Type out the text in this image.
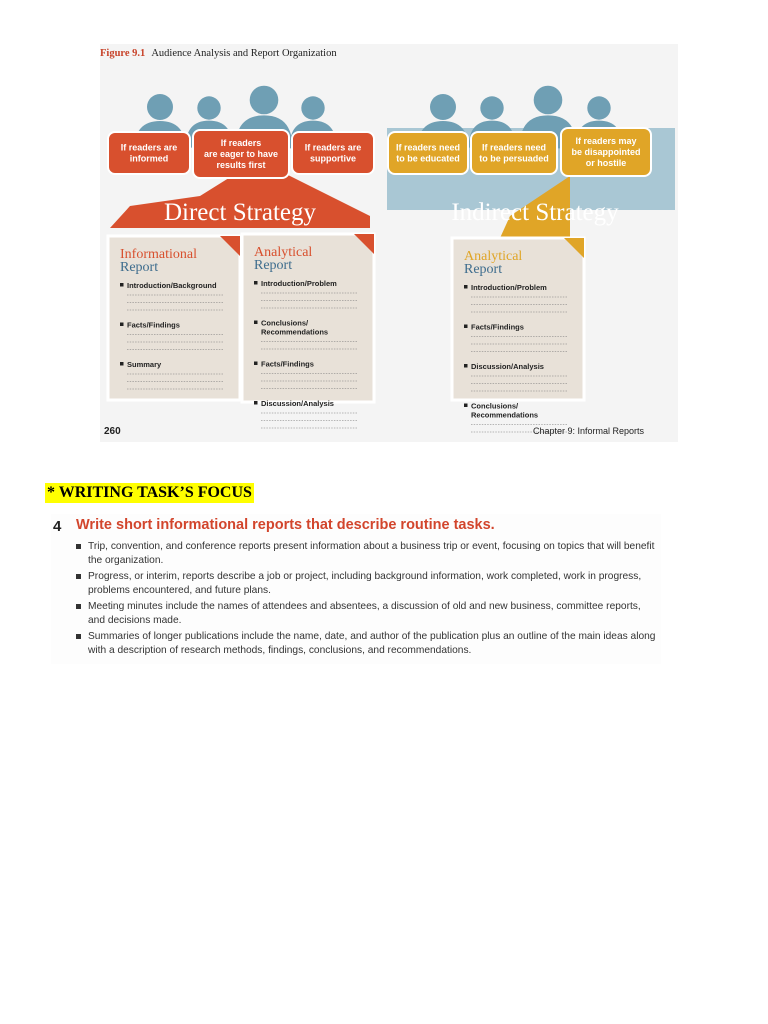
Figure 9.1 Audience Analysis and Report Organization
Direct Strategy	Indirect Strategy
If readers are
informed
If readers
are eager to have
results first
If readers are
supportive
If readers need
to be educated
If readers need
to be persuaded
If readers may
be disappointed
or hostile
Informational
Report
Introduction/Background
Facts/Findings
Summary
Analytical
Report
Introduction/Problem
Conclusions/
Recommendations
Facts/Findings
Discussion/Analysis
Analytical
Report
Introduction/Problem
Facts/Findings
Discussion/Analysis
Conclusions/
Recommendations
260	Chapter 9: Informal Reports
* WRITING TASK’S FOCUS
4 Write short informational reports that describe routine tasks.
Trip, convention, and conference reports present information about a business trip or event, focusing on topics that will benefit the organization.
Progress, or interim, reports describe a job or project, including background information, work completed, work in progress, problems encountered, and future plans.
Meeting minutes include the names of attendees and absentees, a discussion of old and new business, committee reports, and decisions made.
Summaries of longer publications include the name, date, and author of the publication plus an outline of the main ideas along with a description of research methods, findings, conclusions, and recommendations.
